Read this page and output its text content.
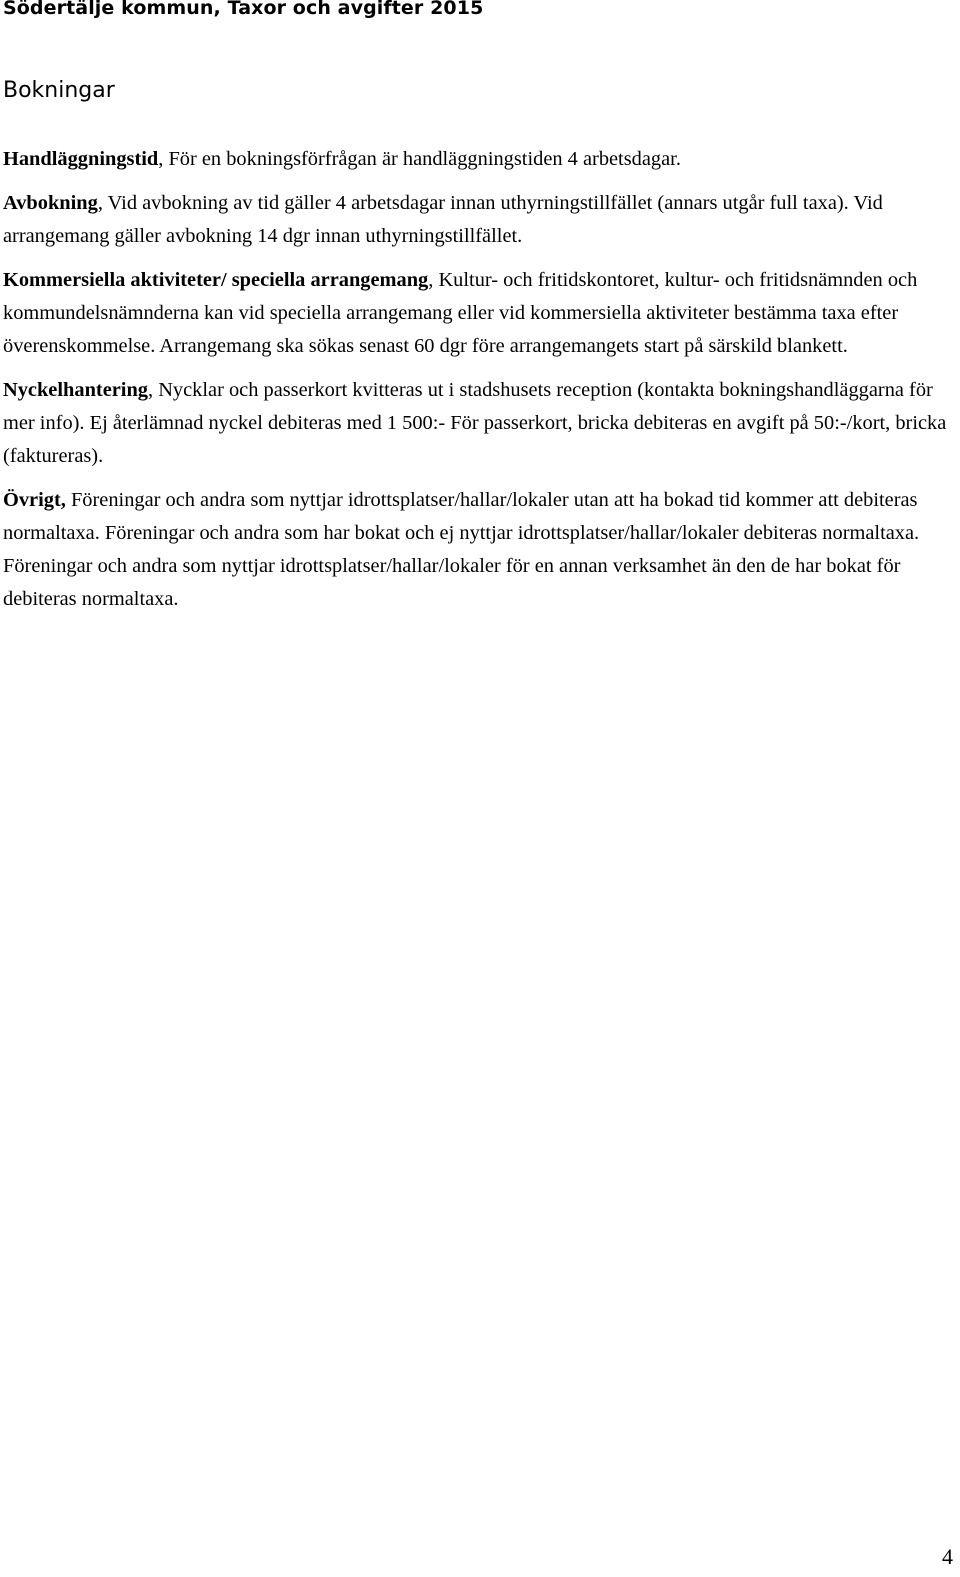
Södertälje kommun, Taxor och avgifter 2015
Bokningar

Handläggningstid, För en bokningsförfrågan är handläggningstiden 4 arbetsdagar.

Avbokning, Vid avbokning av tid gäller 4 arbetsdagar innan uthyrningstillfället (annars utgår full taxa). Vid arrangemang gäller avbokning 14 dgr innan uthyrningstillfället.

Kommersiella aktiviteter/ speciella arrangemang, Kultur- och fritidskontoret, kultur- och fritidsnämnden och kommundelsnämnderna kan vid speciella arrangemang eller vid kommersiella aktiviteter bestämma taxa efter överenskommelse. Arrangemang ska sökas senast 60 dgr före arrangemangets start på särskild blankett.

Nyckelhantering, Nycklar och passerkort kvitteras ut i stadshusets reception (kontakta bokningshandläggarna för mer info). Ej återlämnad nyckel debiteras med 1 500:- För passerkort, bricka debiteras en avgift på 50:-/kort, bricka (faktureras).

Övrigt, Föreningar och andra som nyttjar idrottsplatser/hallar/lokaler utan att ha bokad tid kommer att debiteras normaltaxa. Föreningar och andra som har bokat och ej nyttjar idrottsplatser/hallar/lokaler debiteras normaltaxa. Föreningar och andra som nyttjar idrottsplatser/hallar/lokaler för en annan verksamhet än den de har bokat för debiteras normaltaxa.

4
